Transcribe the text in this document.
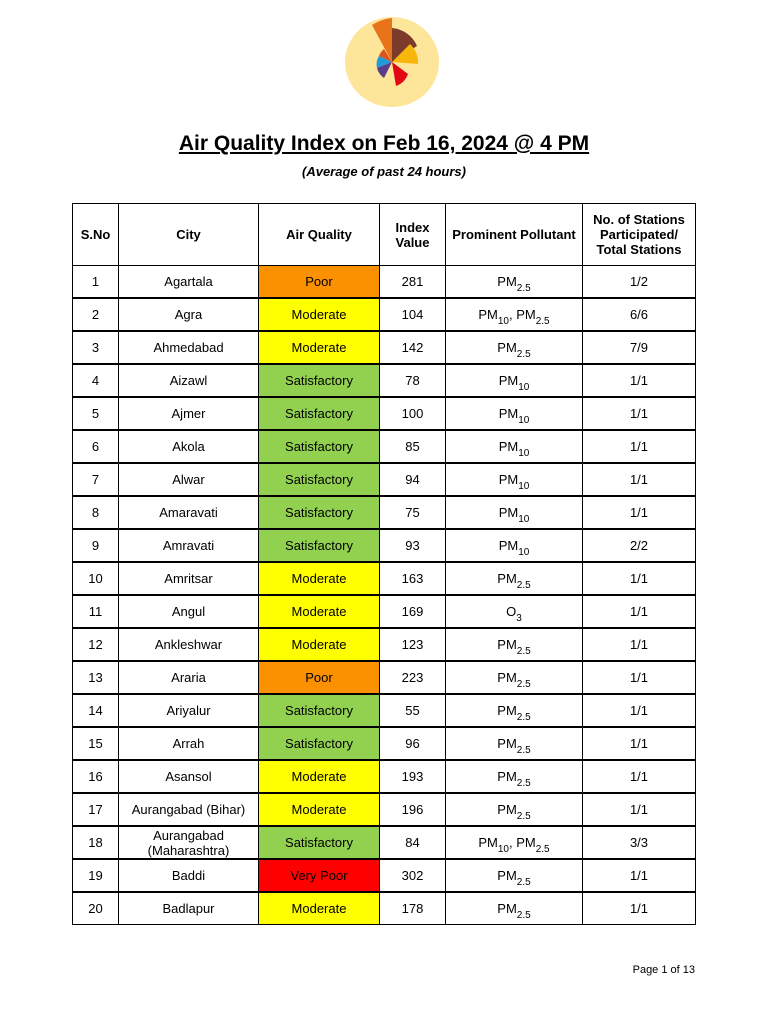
Air Quality Index on Feb 16, 2024 @ 4 PM
(Average of past 24 hours)
S.No	City	Air Quality	Index Value	Prominent Pollutant	No. of Stations Participated/ Total Stations
1	Agartala	Poor	281	$PM_{2.5}$	1/2
2	Agra	Moderate	104	$PM_{10}$, $PM_{2.5}$	6/6
3	Ahmedabad	Moderate	142	$PM_{2.5}$	7/9
4	Aizawl	Satisfactory	78	$PM_{10}$	1/1
5	Ajmer	Satisfactory	100	$PM_{10}$	1/1
6	Akola	Satisfactory	85	$PM_{10}$	1/1
7	Alwar	Satisfactory	94	$PM_{10}$	1/1
8	Amaravati	Satisfactory	75	$PM_{10}$	1/1
9	Amravati	Satisfactory	93	$PM_{10}$	2/2
10	Amritsar	Moderate	163	$PM_{2.5}$	1/1
11	Angul	Moderate	169	$O_3$	1/1
12	Ankleshwar	Moderate	123	$PM_{2.5}$	1/1
13	Araria	Poor	223	$PM_{2.5}$	1/1
14	Ariyalur	Satisfactory	55	$PM_{2.5}$	1/1
15	Arrah	Satisfactory	96	$PM_{2.5}$	1/1
16	Asansol	Moderate	193	$PM_{2.5}$	1/1
17	Aurangabad (Bihar)	Moderate	196	$PM_{2.5}$	1/1
18	Aurangabad (Maharashtra)	Satisfactory	84	$PM_{10}$, $PM_{2.5}$	3/3
19	Baddi	Very Poor	302	$PM_{2.5}$	1/1
20	Badlapur	Moderate	178	$PM_{2.5}$	1/1
Page 1 of 13
